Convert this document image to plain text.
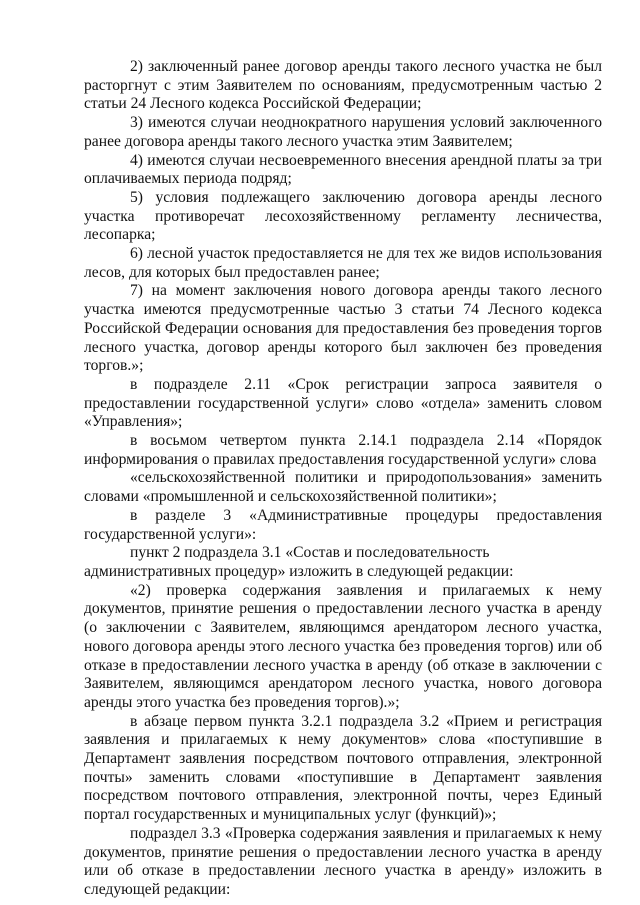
2) заключенный ранее договор аренды такого лесного участка не был расторгнут с этим Заявителем по основаниям, предусмотренным частью 2 статьи 24 Лесного кодекса Российской Федерации;

3) имеются случаи неоднократного нарушения условий заключенного ранее договора аренды такого лесного участка этим Заявителем;

4) имеются случаи несвоевременного внесения арендной платы за три оплачиваемых периода подряд;

5) условия подлежащего заключению договора аренды лесного участка противоречат лесохозяйственному регламенту лесничества, лесопарка;

6) лесной участок предоставляется не для тех же видов использования лесов, для которых был предоставлен ранее;

7) на момент заключения нового договора аренды такого лесного участка имеются предусмотренные частью 3 статьи 74 Лесного кодекса Российской Федерации основания для предоставления без проведения торгов лесного участка, договор аренды которого был заключен без проведения торгов.»;

в подразделе 2.11 «Срок регистрации запроса заявителя о предоставлении государственной услуги» слово «отдела» заменить словом «Управления»;

в восьмом четвертом пункта 2.14.1 подраздела 2.14 «Порядок информирования о правилах предоставления государственной услуги» слова

«сельскохозяйственной политики и природопользования» заменить словами «промышленной и сельскохозяйственной политики»;

в разделе 3 «Административные процедуры предоставления государственной услуги»:

пункт 2 подраздела 3.1 «Состав и последовательность

административных процедур» изложить в следующей редакции:

«2) проверка содержания заявления и прилагаемых к нему документов, принятие решения о предоставлении лесного участка в аренду (о заключении с Заявителем, являющимся арендатором лесного участка, нового договора аренды этого лесного участка без проведения торгов) или об отказе в предоставлении лесного участка в аренду (об отказе в заключении с Заявителем, являющимся арендатором лесного участка, нового договора аренды этого участка без проведения торгов).»;

в абзаце первом пункта 3.2.1 подраздела 3.2 «Прием и регистрация заявления и прилагаемых к нему документов» слова «поступившие в Департамент заявления посредством почтового отправления, электронной почты» заменить словами «поступившие в Департамент заявления посредством почтового отправления, электронной почты, через Единый портал государственных и муниципальных услуг (функций)»;

подраздел 3.3 «Проверка содержания заявления и прилагаемых к нему документов, принятие решения о предоставлении лесного участка в аренду или об отказе в предоставлении лесного участка в аренду» изложить в следующей редакции:
